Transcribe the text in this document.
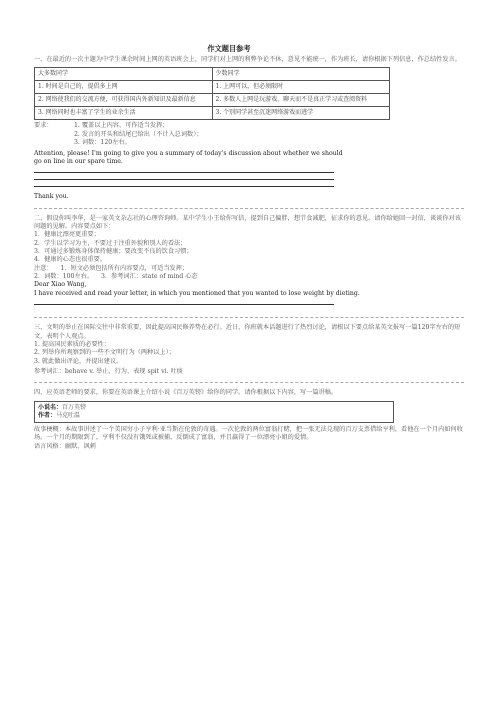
作文题目参考

一、在最近的一次主题为中学生课余时间上网的英语班会上，同学们对上网的利弊争论不休，意见不能统一，作为班长，请你根据下列信息，作总结性发言。

大多数同学	少数同学
1. 时间是自己的，提倡多上网	1. 上网可以，但必须限时
2. 网络使我们的交流方便，可获得国内外新知识及最新信息	2. 多数人上网是玩游戏、聊天而不是真正学习或查阅资料
3. 网络同时也丰富了学生的业余生活	3. 个别同学甚至沉迷网络游戏而逃学
要求：	1. 覆盖以上内容，可作适当发挥；

2. 发言的开头和结尾已给出（不计入总词数）；

3. 词数：120左右。

Attention, please! I'm going to give you a summary of today's discussion about whether we should go on line in our spare time.

Thank you.

二、假设你叫李华，是一家英文杂志社的心理咨询师。某中学生小王给你写信，提到自己偏胖，想节食减肥，征求你的意见。请你给她回一封信，谈谈你对该问题的见解。内容要点如下：

1．健康比漂亮更重要；

2．学生以学习为主，不要过于注重外貌和别人的看法；

3．可通过多锻炼身体保持健康；要改变不良的饮食习惯；

4．健康的心态也很重要。

注意： 1．短文必须包括所有内容要点，可适当发挥；

2．词数：100左右。 3．参考词汇：state of mind 心态

Dear Xiao Wang,

I have received and read your letter, in which you mentioned that you wanted to lose weight by dieting.

三、文明的举止在国际交往中非常重要，因此提高国民修养势在必行。近日，你班就本话题进行了热烈讨论，请根以下要点给某英文报写一篇120字左右的短文，表明个人观点。

1. 提高国民素质的必要性；

2. 列举你所观察到的一些不文明行为（两种以上）；

3. 就此做出评论，并提出建议。

参考词汇：behave v. 举止、行为、表现 spit vi. 吐痰

四、应英语老师的要求，你要在英语课上介绍小说《百万英镑》给你的同学。请你根据以下内容，写一篇讲稿。

小说名：百万英镑
作者：马克吐温

故事梗概：本故事讲述了一个美国穷小子亨利·亚当斯在伦敦的奇遇。一次伦敦的两位富翁打赌，把一张无法兑现的百万支票借给亨利，看他在一个月内如何收场。一个月的期限到了，亨利不仅没有饿死或被捕，反倒成了富翁，并且赢得了一位漂亮小姐的爱情。

语言风格：幽默、讽刺
